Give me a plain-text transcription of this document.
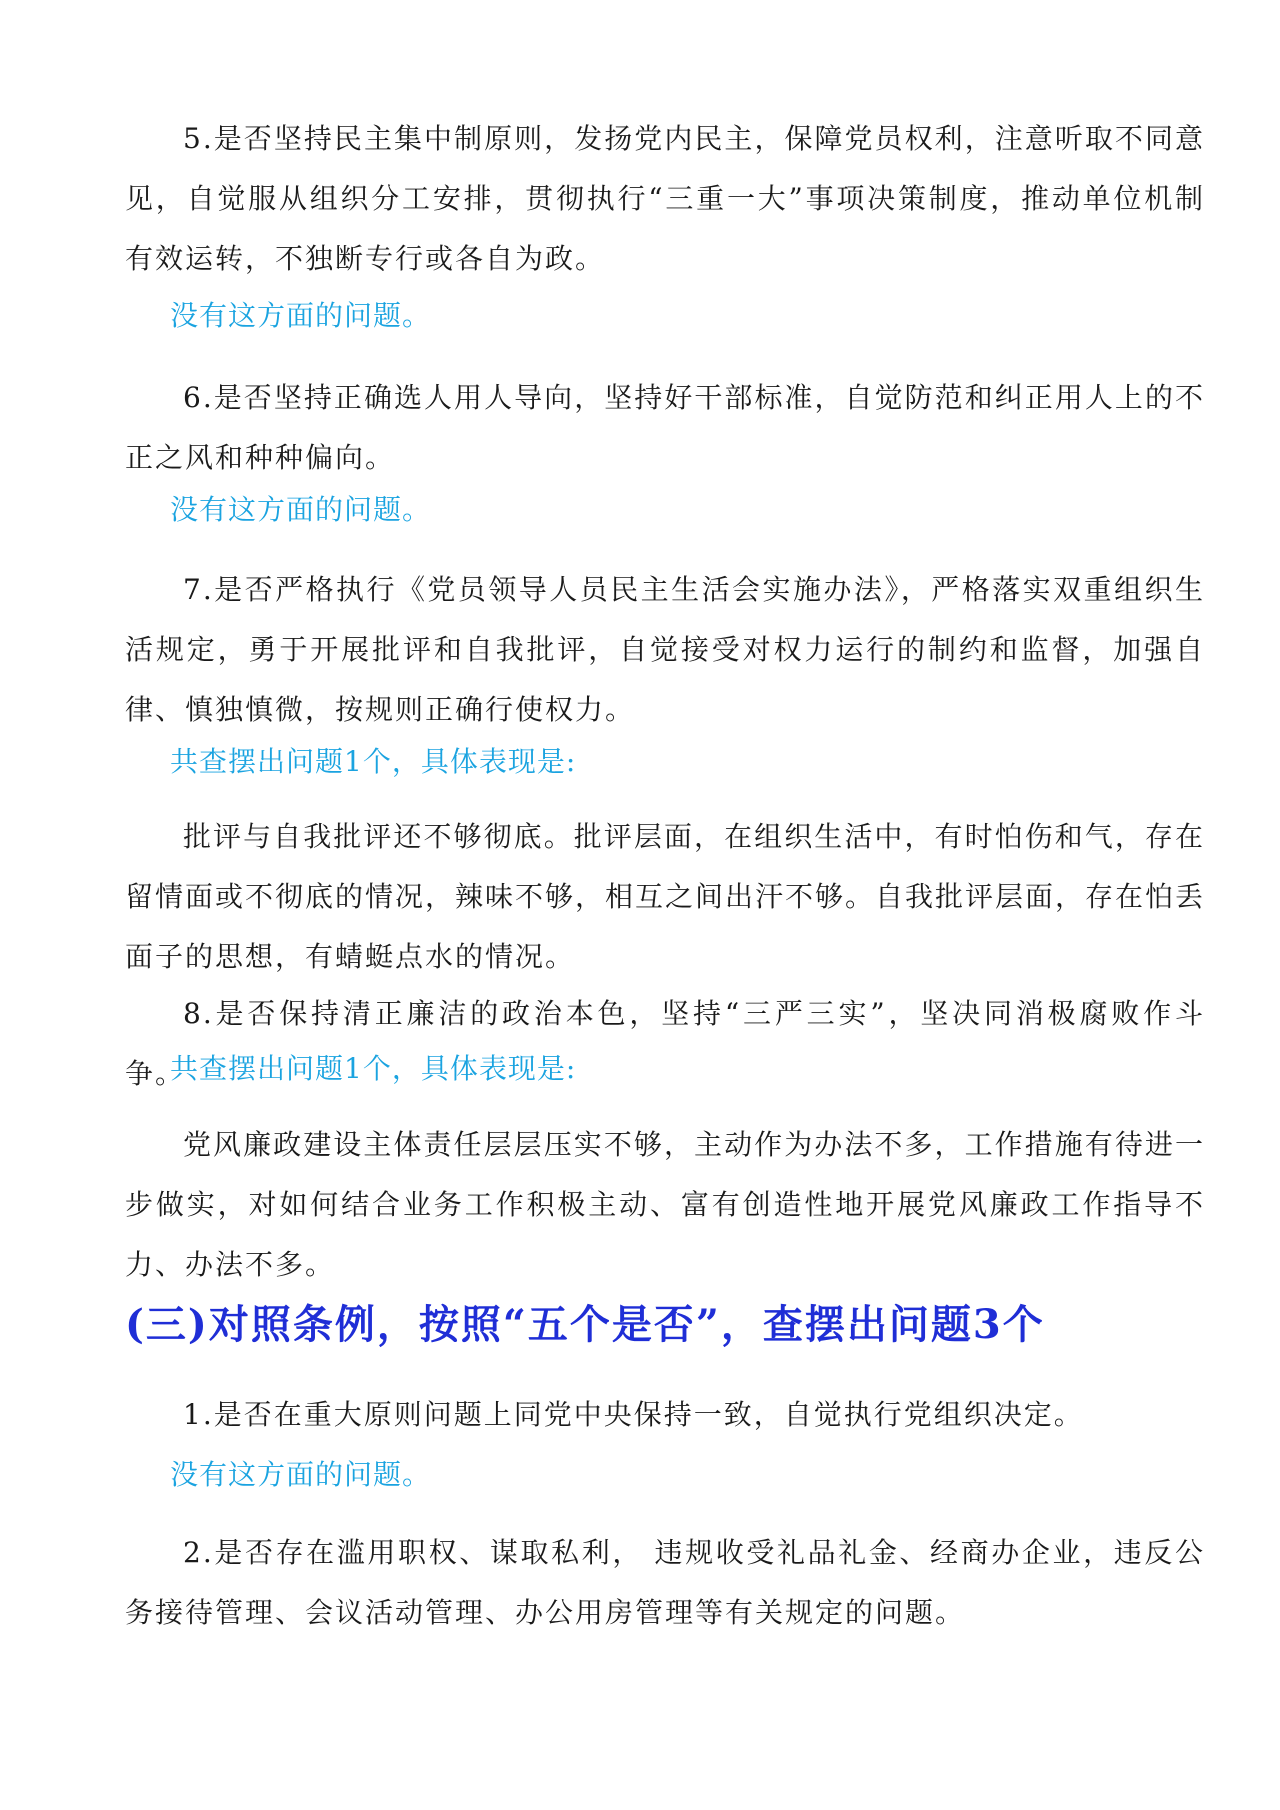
5.是否坚持民主集中制原则，发扬党内民主，保障党员权利，注意听取不同意见，自觉服从组织分工安排，贯彻执行“三重一大”事项决策制度，推动单位机制有效运转，不独断专行或各自为政。

没有这方面的问题。

6.是否坚持正确选人用人导向，坚持好干部标准，自觉防范和纠正用人上的不正之风和种种偏向。

没有这方面的问题。

7.是否严格执行《党员领导人员民主生活会实施办法》，严格落实双重组织生活规定，勇于开展批评和自我批评，自觉接受对权力运行的制约和监督，加强自律、慎独慎微，按规则正确行使权力。

共查摆出问题1个，具体表现是:

批评与自我批评还不够彻底。批评层面，在组织生活中，有时怕伤和气，存在留情面或不彻底的情况，辣味不够，相互之间出汗不够。自我批评层面，存在怕丢面子的思想，有蜻蜓点水的情况。

8.是否保持清正廉洁的政治本色，坚持“三严三实”，坚决同消极腐败作斗争。

共查摆出问题1个，具体表现是:

党风廉政建设主体责任层层压实不够，主动作为办法不多，工作措施有待进一步做实，对如何结合业务工作积极主动、富有创造性地开展党风廉政工作指导不力、办法不多。

(三)对照条例，按照“五个是否”，查摆出问题3个

1.是否在重大原则问题上同党中央保持一致，自觉执行党组织决定。

没有这方面的问题。

2.是否存在滥用职权、谋取私利， 违规收受礼品礼金、经商办企业，违反公务接待管理、会议活动管理、办公用房管理等有关规定的问题。
